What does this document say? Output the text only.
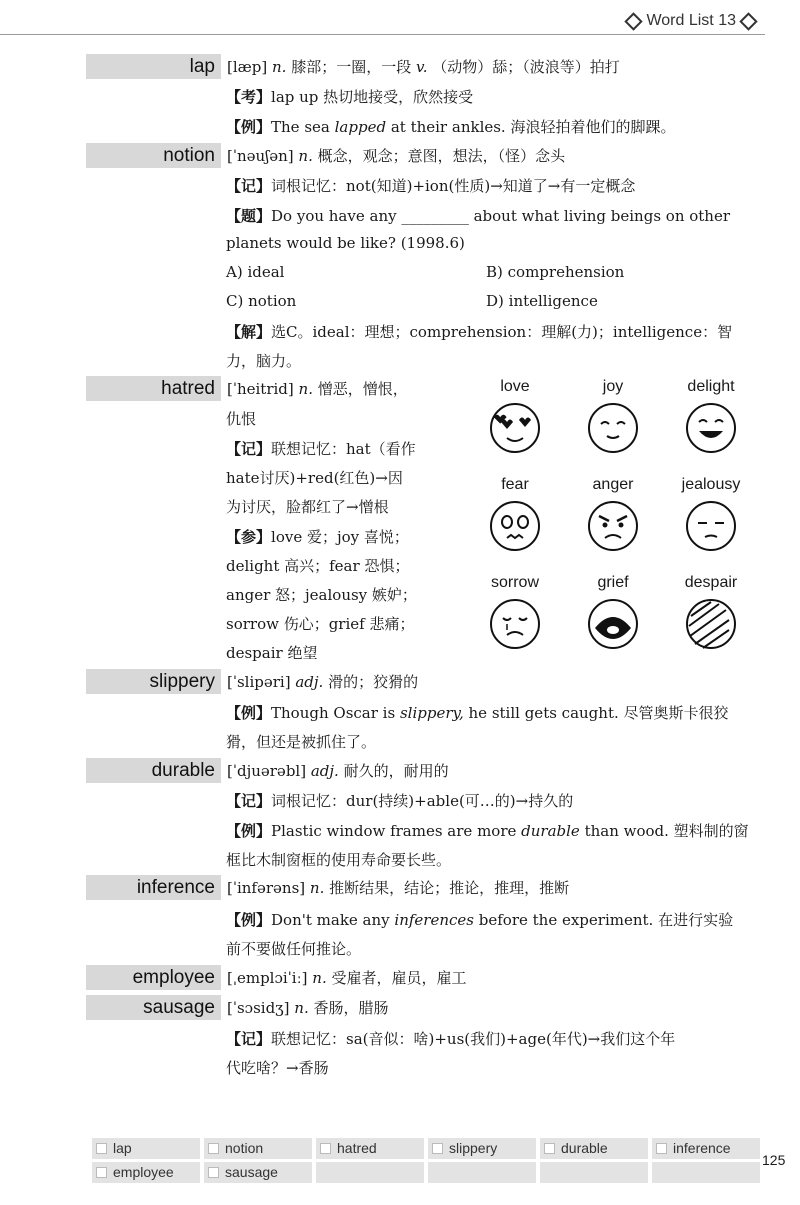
Word List 13
lap [læp] n. 膝部；一圈，一段 v. （动物）舔；（波浪等）拍打
【考】lap up 热切地接受，欣然接受
【例】The sea lapped at their ankles. 海浪轻拍着他们的脚踝。
notion [ˈnəuʃən] n. 概念，观念；意图，想法，（怪）念头
【记】词根记忆：not(知道)+ion(性质)→知道了→有一定概念
【题】Do you have any _________ about what living beings on other
planets would be like? (1998.6)
A) ideal	B) comprehension
C) notion	D) intelligence
【解】选C。ideal：理想；comprehension：理解(力)；intelligence：智
力，脑力。
hatred [ˈheitrid] n. 憎恶，憎恨，
仇恨
【记】联想记忆：hat（看作
hate讨厌)+red(红色)→因
为讨厌，脸都红了→憎根
【参】love 爱；joy 喜悦；
delight 高兴；fear 恐惧；
anger 怒；jealousy 嫉妒；
sorrow 伤心；grief 悲痛；
despair 绝望
love	joy	delight
fear	anger	jealousy
sorrow	grief	despair
slippery [ˈslipəri] adj. 滑的；狡猾的
【例】Though Oscar is slippery, he still gets caught. 尽管奥斯卡很狡
猾，但还是被抓住了。
durable [ˈdjuərəbl] adj. 耐久的，耐用的
【记】词根记忆：dur(持续)+able(可…的)→持久的
【例】Plastic window frames are more durable than wood. 塑料制的窗
框比木制窗框的使用寿命要长些。
inference [ˈinfərəns] n. 推断结果，结论；推论，推理，推断
【例】Don't make any inferences before the experiment. 在进行实验
前不要做任何推论。
employee [ˌemplɔiˈiː] n. 受雇者，雇员，雇工
sausage [ˈsɔsidʒ] n. 香肠，腊肠
【记】联想记忆：sa(音似：啥)+us(我们)+age(年代)→我们这个年
代吃啥？→香肠
lap	notion	hatred	slippery	durable	inference
employee	sausage
125
